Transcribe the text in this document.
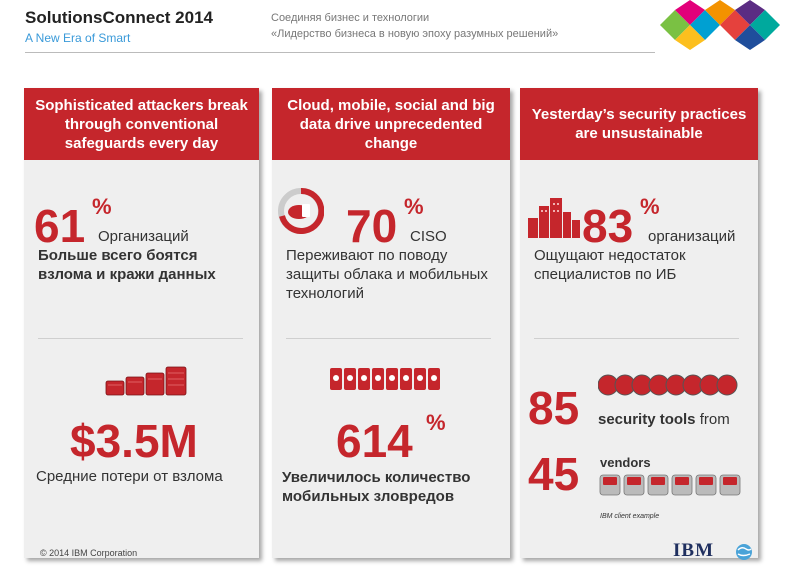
SolutionsConnect 2014
A New Era of Smart
Соединяя бизнес и технологии
«Лидерство бизнеса в новую эпоху разумных решений»
Sophisticated attackers break through conventional safeguards every day
61 %
Организаций
Больше всего боятся взлома и кражи данных
$3.5M
Средние потери от взлома
Cloud, mobile, social and big data drive unprecedented change
70 %
CISO
Переживают по поводу защиты облака и мобильных технологий
614 %
Увеличилось количество мобильных зловредов
Yesterday’s security practices are unsustainable
83 %
организаций
Ощущают недостаток специалистов по ИБ
85 security tools from
45 vendors
IBM client example
© 2014 IBM Corporation	IBM
